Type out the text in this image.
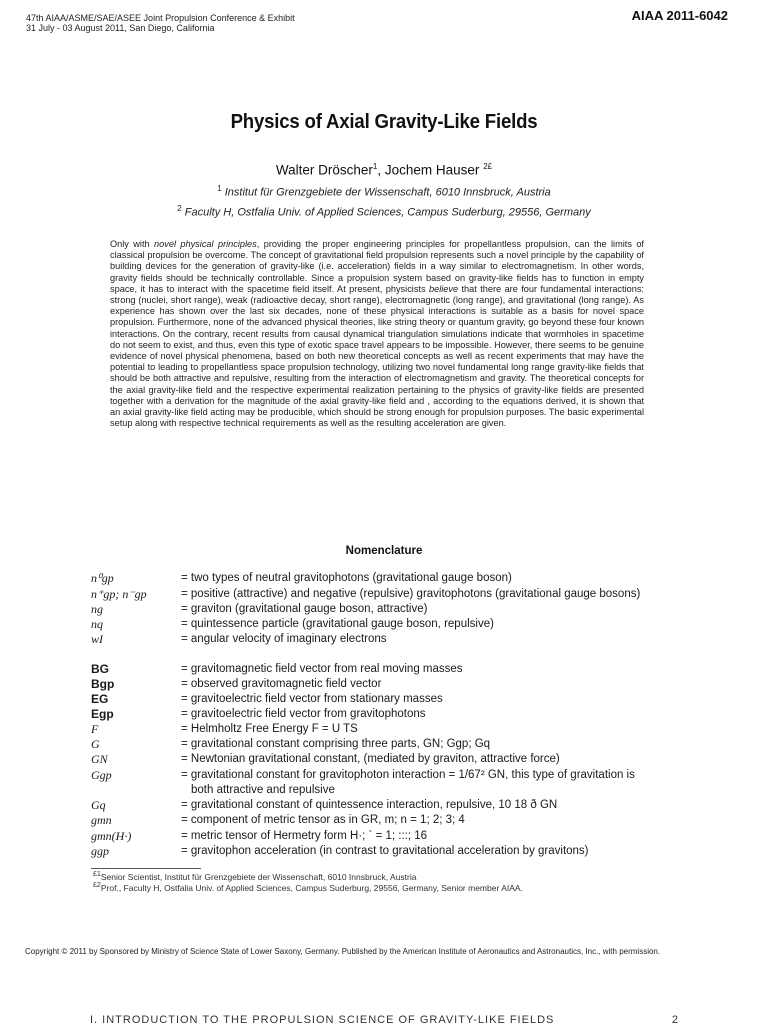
47th AIAA/ASME/SAE/ASEE Joint Propulsion Conference & Exhibit
31 July - 03 August 2011, San Diego, California
AIAA 2011-6042
Physics of Axial Gravity-Like Fields
Walter Dröscher$^1$, Jochem Hauser $^{2£}$
$^1$ Institut für Grenzgebiete der Wissenschaft, 6010 Innsbruck, Austria
$^2$ Faculty H, Ostfalia Univ. of Applied Sciences, Campus Suderburg, 29556, Germany
Only with novel physical principles, providing the proper engineering principles for propellantless propulsion, can the limits of classical propulsion be overcome. The concept of gravitational field propulsion represents such a novel principle by the capability of building devices for the generation of gravity-like (i.e. acceleration) fields in a way similar to electromagnetism. In other words, gravity fields should be technically controllable. Since a propulsion system based on gravity-like fields has to function in empty space, it has to interact with the spacetime field itself. At present, physicists believe that there are four fundamental interactions: strong (nuclei, short range), weak (radioactive decay, short range), electromagnetic (long range), and gravitational (long range). As experience has shown over the last six decades, none of these physical interactions is suitable as a basis for novel space propulsion. Furthermore, none of the advanced physical theories, like string theory or quantum gravity, go beyond these four known interactions. On the contrary, recent results from causal dynamical triangulation simulations indicate that wormholes in spacetime do not seem to exist, and thus, even this type of exotic space travel appears to be impossible. However, there seems to be genuine evidence of novel physical phenomena, based on both new theoretical concepts as well as recent experiments that may have the potential to leading to propellantless space propulsion technology, utilizing two novel fundamental long range gravity-like fields that should be both attractive and repulsive, resulting from the interaction of electromagnetism and gravity. The theoretical concepts for the axial gravity-like field and the respective experimental realization pertaining to the physics of gravity-like fields are presented together with a derivation for the magnitude of the axial gravity-like field and , according to the equations derived, it is shown that an axial gravity-like field acting may be producible, which should be strong enough for propulsion purposes. The basic experimental setup along with respective technical requirements as well as the resulting acceleration are given.
Nomenclature
n⁰gp	= two types of neutral gravitophotons (gravitational gauge boson)
n⁺gp; n⁻gp	= positive (attractive) and negative (repulsive) gravitophotons (gravitational gauge bosons)
ng	= graviton (gravitational gauge boson, attractive)
nq	= quintessence particle (gravitational gauge boson, repulsive)
wI	= angular velocity of imaginary electrons
BG	= gravitomagnetic field vector from real moving masses
Bgp	= observed gravitomagnetic field vector
EG	= gravitoelectric field vector from stationary masses
Egp	= gravitoelectric field vector from gravitophotons
F	= Helmholtz Free Energy F = U TS
G	= gravitational constant comprising three parts, GN; Ggp; Gq
GN	= Newtonian gravitational constant, (mediated by graviton, attractive force)
Ggp	= gravitational constant for gravitophoton interaction = 1/67² GN, this type of gravitation is
both attractive and repulsive
Gq	= gravitational constant of quintessence interaction, repulsive, 10 18 ð GN
gmn	= component of metric tensor as in GR, m; n = 1; 2; 3; 4
gmn(H·)	= metric tensor of Hermetry form H·; ` = 1; :::; 16
ggp	= gravitophon acceleration (in contrast to gravitational acceleration by gravitons)
$^{£1}$Senior Scientist, Institut für Grenzgebiete der Wissenschaft, 6010 Innsbruck, Austria
$^{£2}$Prof., Faculty H, Ostfalia Univ. of Applied Sciences, Campus Suderburg, 29556, Germany, Senior member AIAA.
Copyright © 2011 by Sponsored by Ministry of Science State of Lower Saxony, Germany. Published by the American Institute of Aeronautics and Astronautics, Inc., with permission.
I. INTRODUCTION TO THE PROPULSION SCIENCE OF GRAVITY-LIKE FIELDS	2
